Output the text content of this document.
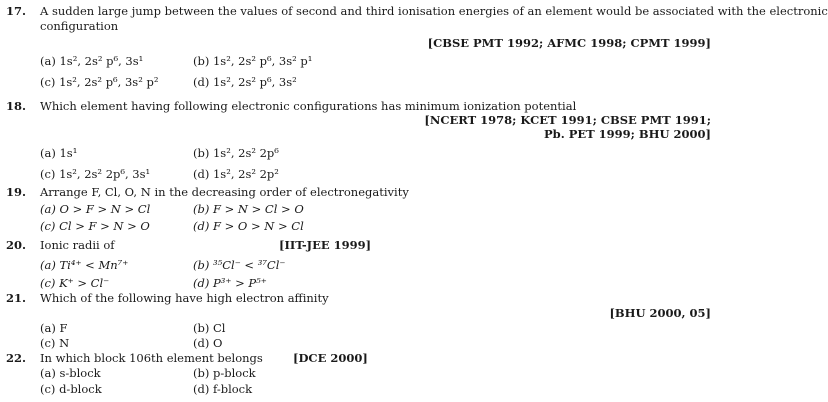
17. A sudden large jump between the values of second and third ionisation energies of an element would be associated with the electronic
configuration
[CBSE PMT 1992; AFMC 1998; CPMT 1999]
(a) 1s², 2s² p⁶, 3s¹	(b) 1s², 2s² p⁶, 3s² p¹
(c) 1s², 2s² p⁶, 3s² p²	(d) 1s², 2s² p⁶, 3s²
18. Which element having following electronic configurations has minimum ionization potential
[NCERT 1978; KCET 1991; CBSE PMT 1991;
Pb. PET 1999; BHU 2000]
(a) 1s¹	(b) 1s², 2s² 2p⁶
(c) 1s², 2s² 2p⁶, 3s¹	(d) 1s², 2s² 2p²
19. Arrange F, Cl, O, N in the decreasing order of electronegativity
(a) O > F > N > Cl	(b) F > N > Cl > O
(c) Cl > F > N > O	(d) F > O > N > Cl
20. Ionic radii of	[IIT-JEE 1999]
(a) Ti⁴⁺ < Mn⁷⁺	(b) ³⁵Cl⁻ < ³⁷Cl⁻
(c) K⁺ > Cl⁻	(d) P³⁺ > P⁵⁺
21. Which of the following have high electron affinity
[BHU 2000, 05]
(a) F	(b) Cl
(c) N	(d) O
22. In which block 106th element belongs	[DCE 2000]
(a) s-block	(b) p-block
(c) d-block	(d) f-block
